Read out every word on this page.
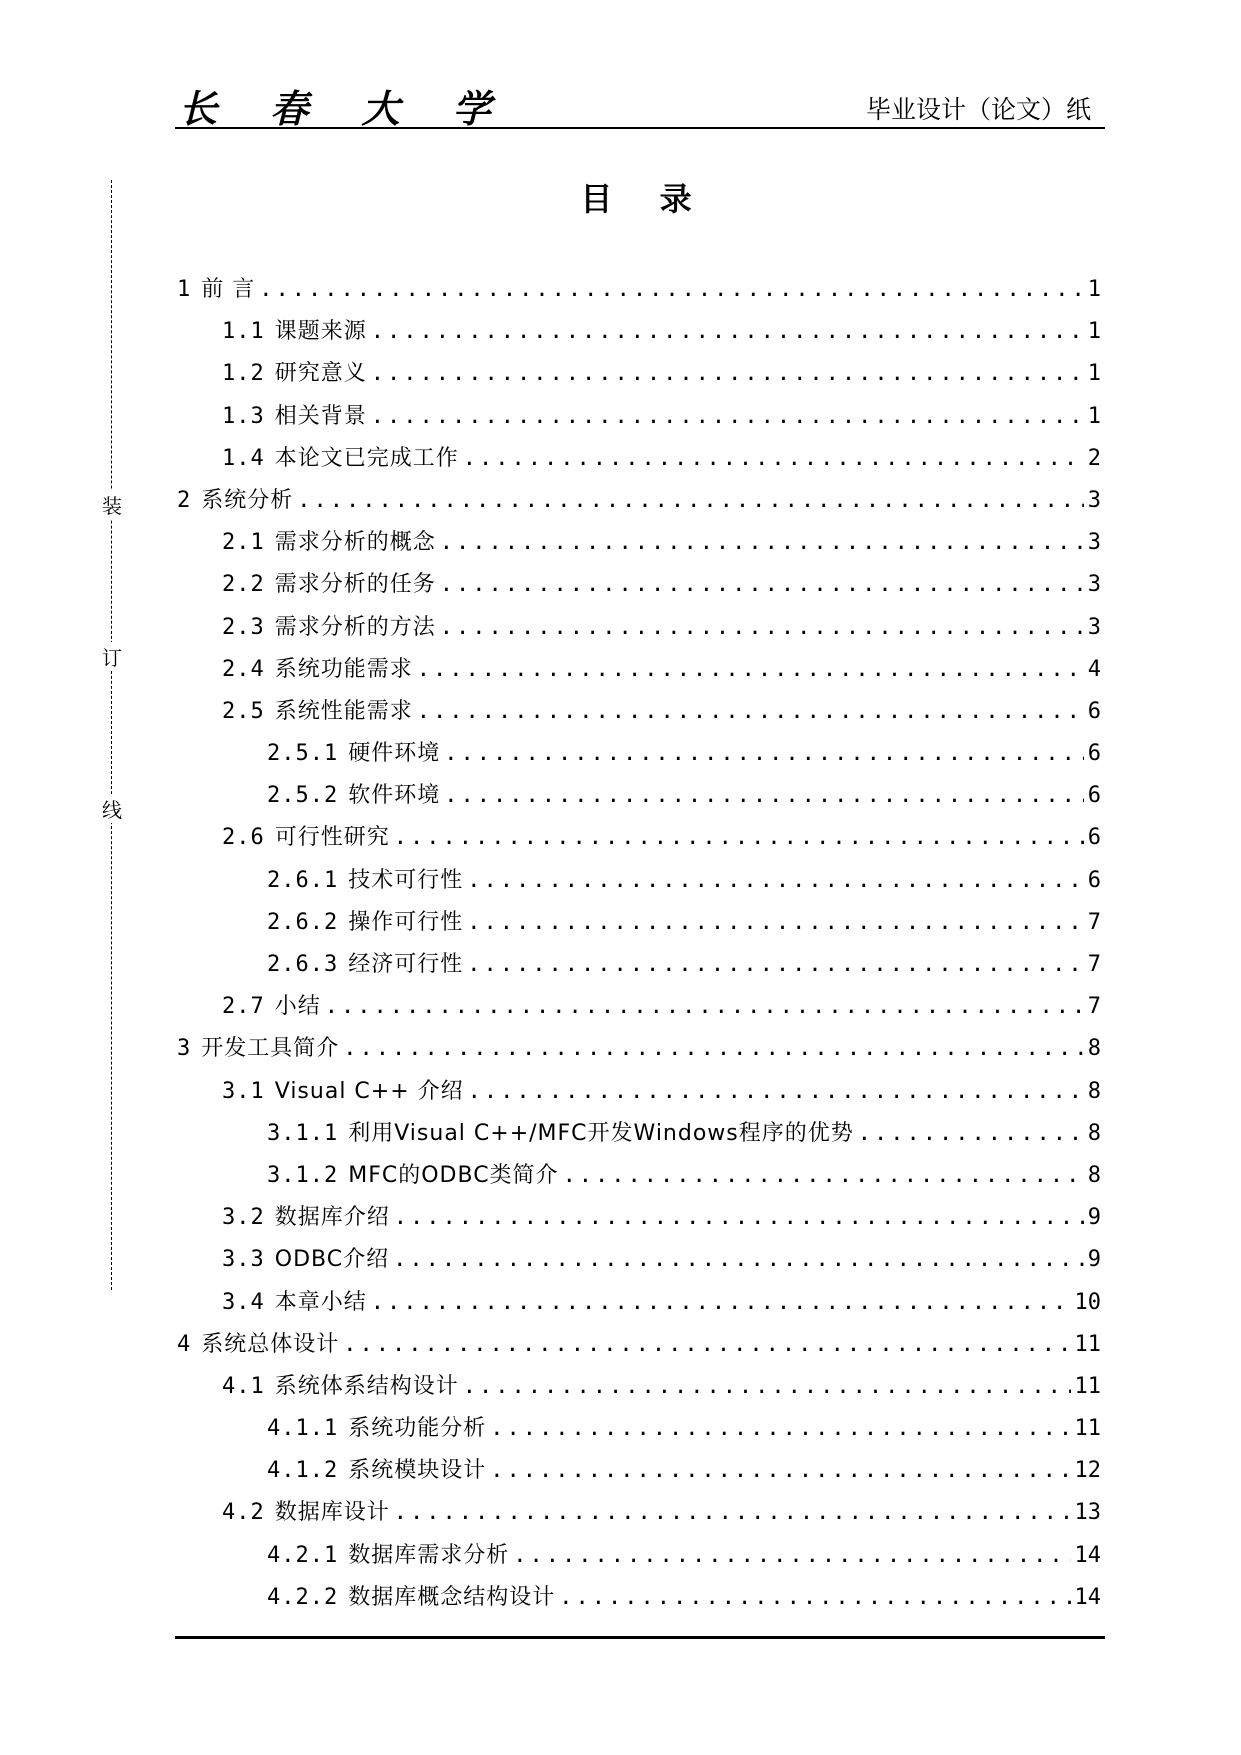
长 春 大 学	毕业设计（论文）纸
装
订
线
目 录
1 前 言 .....	1
1.1 课题来源 .....	1
1.2 研究意义 .....	1
1.3 相关背景 .....	1
1.4 本论文已完成工作 .....	2
2 系统分析 .....	3
2.1 需求分析的概念 .....	3
2.2 需求分析的任务 .....	3
2.3 需求分析的方法 .....	3
2.4 系统功能需求 .....	4
2.5 系统性能需求 .....	6
2.5.1 硬件环境 .....	6
2.5.2 软件环境 .....	6
2.6 可行性研究 .....	6
2.6.1 技术可行性 .....	6
2.6.2 操作可行性 .....	7
2.6.3 经济可行性 .....	7
2.7 小结 .....	7
3 开发工具简介 .....	8
3.1 Visual C++ 介绍 .....	8
3.1.1 利用Visual C++/MFC开发Windows程序的优势 .....	8
3.1.2 MFC的ODBC类简介 .....	8
3.2 数据库介绍 .....	9
3.3 ODBC介绍 .....	9
3.4 本章小结 .....	10
4 系统总体设计 .....	11
4.1 系统体系结构设计 .....	11
4.1.1 系统功能分析 .....	11
4.1.2 系统模块设计 .....	12
4.2 数据库设计 .....	13
4.2.1 数据库需求分析 .....	14
4.2.2 数据库概念结构设计 .....	14
